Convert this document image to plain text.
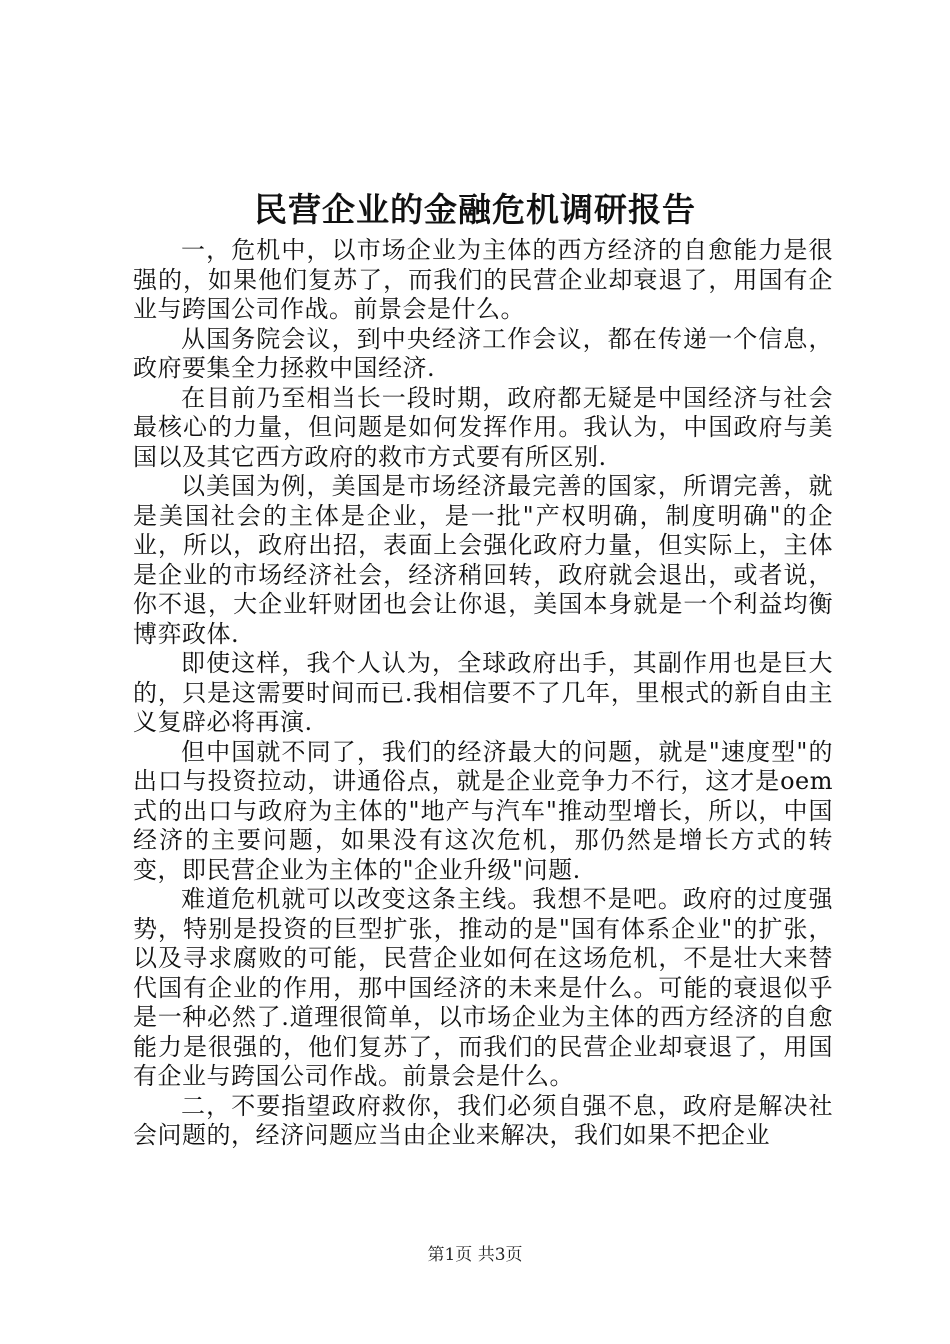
民营企业的金融危机调研报告

一，危机中，以市场企业为主体的西方经济的自愈能力是很强的，如果他们复苏了，而我们的民营企业却衰退了，用国有企业与跨国公司作战。前景会是什么。

从国务院会议，到中央经济工作会议，都在传递一个信息，政府要集全力拯救中国经济.

在目前乃至相当长一段时期，政府都无疑是中国经济与社会最核心的力量，但问题是如何发挥作用。我认为，中国政府与美国以及其它西方政府的救市方式要有所区别.

以美国为例，美国是市场经济最完善的国家，所谓完善，就是美国社会的主体是企业，是一批"产权明确，制度明确"的企业，所以，政府出招，表面上会强化政府力量，但实际上，主体是企业的市场经济社会，经济稍回转，政府就会退出，或者说，你不退，大企业轩财团也会让你退，美国本身就是一个利益均衡博弈政体.

即使这样，我个人认为，全球政府出手，其副作用也是巨大的，只是这需要时间而已.我相信要不了几年，里根式的新自由主义复辟必将再演.

但中国就不同了，我们的经济最大的问题，就是"速度型"的出口与投资拉动，讲通俗点，就是企业竞争力不行，这才是oem式的出口与政府为主体的"地产与汽车"推动型增长，所以，中国经济的主要问题，如果没有这次危机，那仍然是增长方式的转变，即民营企业为主体的"企业升级"问题.

难道危机就可以改变这条主线。我想不是吧。政府的过度强势，特别是投资的巨型扩张，推动的是"国有体系企业"的扩张，以及寻求腐败的可能，民营企业如何在这场危机，不是壮大来替代国有企业的作用，那中国经济的未来是什么。可能的衰退似乎是一种必然了.道理很简单，以市场企业为主体的西方经济的自愈能力是很强的，他们复苏了，而我们的民营企业却衰退了，用国有企业与跨国公司作战。前景会是什么。

二，不要指望政府救你，我们必须自强不息，政府是解决社会问题的，经济问题应当由企业来解决，我们如果不把企业

第1页 共3页
